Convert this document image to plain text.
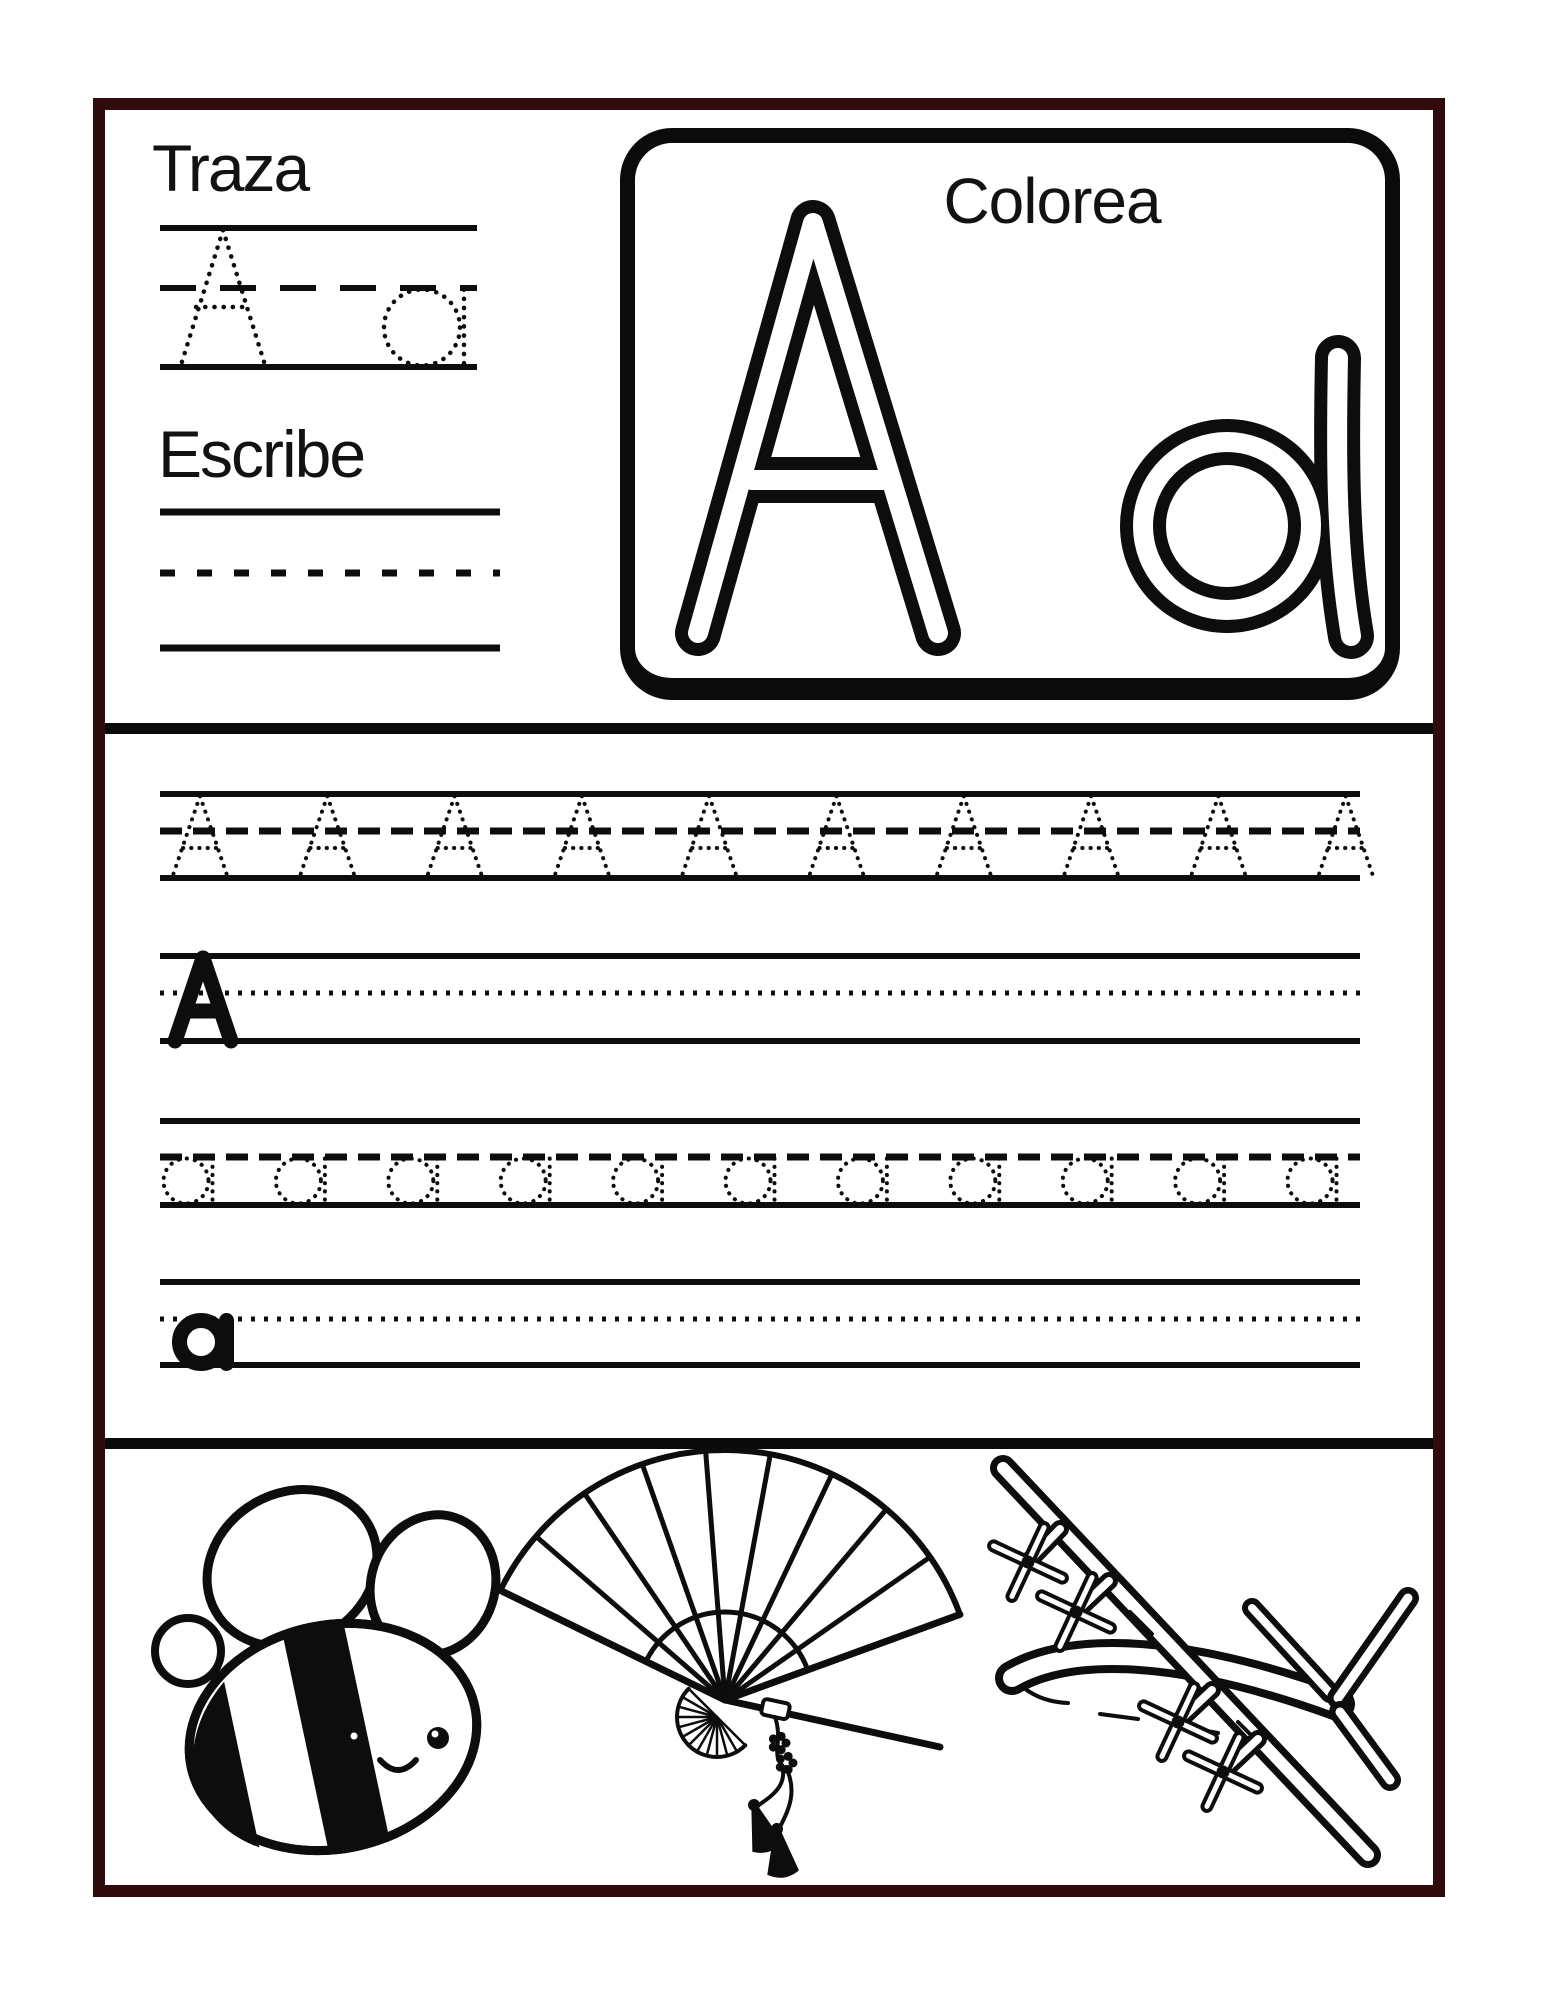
Traza
Escribe
Colorea
